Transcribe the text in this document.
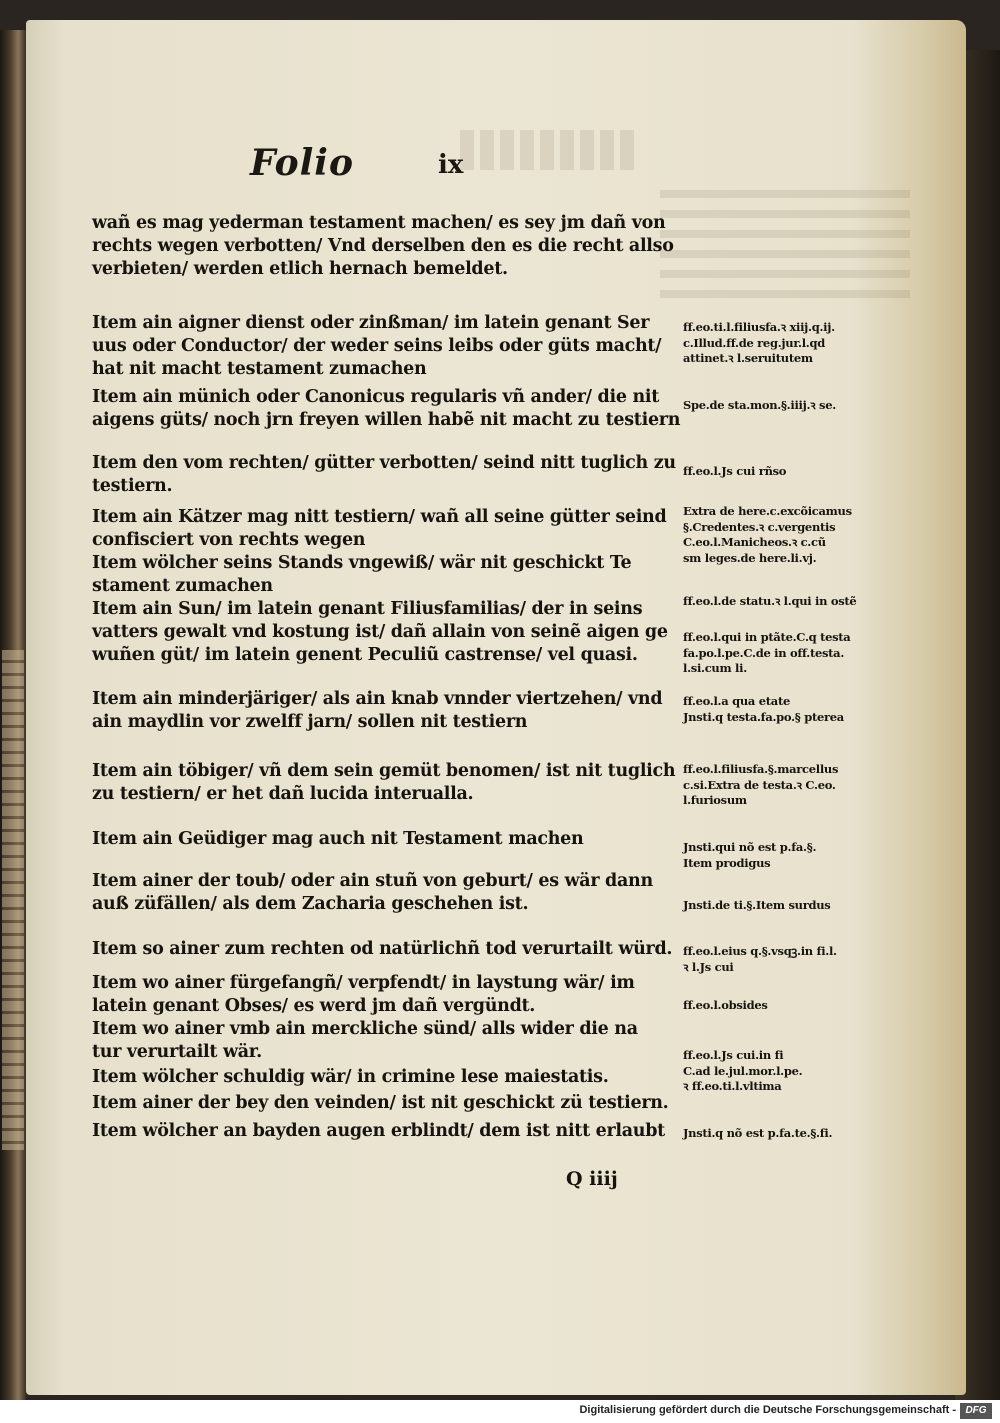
Folio	ix
wañ es mag yederman testament machen/ es sey jm dañ von
rechts wegen verbotten/ Vnd derselben den es die recht allso
verbieten/ werden etlich hernach bemeldet.
Item ain aigner dienst oder zinßman/ im latein genant Ser
uus oder Conductor/ der weder seins leibs oder güts macht/
hat nit macht testament zumachen
Item ain münich oder Canonicus regularis vñ ander/ die nit
aigens güts/ noch jrn freyen willen habẽ nit macht zu testiern
Item den vom rechten/ gütter verbotten/ seind nitt tuglich zu
testiern.
Item ain Kätzer mag nitt testiern/ wañ all seine gütter seind
confisciert von rechts wegen
Item wölcher seins Stands vngewiß/ wär nit geschickt Te
stament zumachen
Item ain Sun/ im latein genant Filiusfamilias/ der in seins
vatters gewalt vnd kostung ist/ dañ allain von seinẽ aigen ge
wuñen güt/ im latein genent Peculiũ castrense/ vel quasi.
Item ain minderjäriger/ als ain knab vnnder viertzehen/ vnd
ain maydlin vor zwelff jarn/ sollen nit testiern
Item ain töbiger/ vñ dem sein gemüt benomen/ ist nit tuglich
zu testiern/ er het dañ lucida interualla.
Item ain Geüdiger mag auch nit Testament machen
Item ainer der toub/ oder ain stuñ von geburt/ es wär dann
auß züfällen/ als dem Zacharia geschehen ist.
Item so ainer zum rechten od natürlichñ tod verurtailt würd.
Item wo ainer fürgefangñ/ verpfendt/ in laystung wär/ im
latein genant Obses/ es werd jm dañ vergündt.
Item wo ainer vmb ain merckliche sünd/ alls wider die na
tur verurtailt wär.
Item wölcher schuldig wär/ in crimine lese maiestatis.
Item ainer der bey den veinden/ ist nit geschickt zü testiern.
Item wölcher an bayden augen erblindt/ dem ist nitt erlaubt
ff.eo.ti.l.filiusfa.ꝛ xiij.q.ij.
c.Illud.ff.de reg.jur.l.qd
attinet.ꝛ l.seruitutem
Spe.de sta.mon.§.iiij.ꝛ se.
ff.eo.l.Js cui rñso
Extra de here.c.excõicamus
§.Credentes.ꝛ c.vergentis
C.eo.l.Manicheos.ꝛ c.cũ
sm leges.de here.li.vj.
ff.eo.l.de statu.ꝛ l.qui in ostẽ
ff.eo.l.qui in ptãte.C.q testa
fa.po.l.pe.C.de in off.testa.
l.si.cum li.
ff.eo.l.a qua etate
Jnsti.q testa.fa.po.§ pterea
ff.eo.l.filiusfa.§.marcellus
c.si.Extra de testa.ꝛ C.eo.
l.furiosum
Jnsti.qui nõ est p.fa.§.
Item prodigus
Jnsti.de ti.§.Item surdus
ff.eo.l.eius q.§.vsqꝫ.in fi.l.
ꝛ l.Js cui
ff.eo.l.obsides
ff.eo.l.Js cui.in fi
C.ad le.jul.mor.l.pe.
ꝛ ff.eo.ti.l.vltima
Jnsti.q nõ est p.fa.te.§.fi.
Q iiij
Digitalisierung gefördert durch die Deutsche Forschungsgemeinschaft - DFG
